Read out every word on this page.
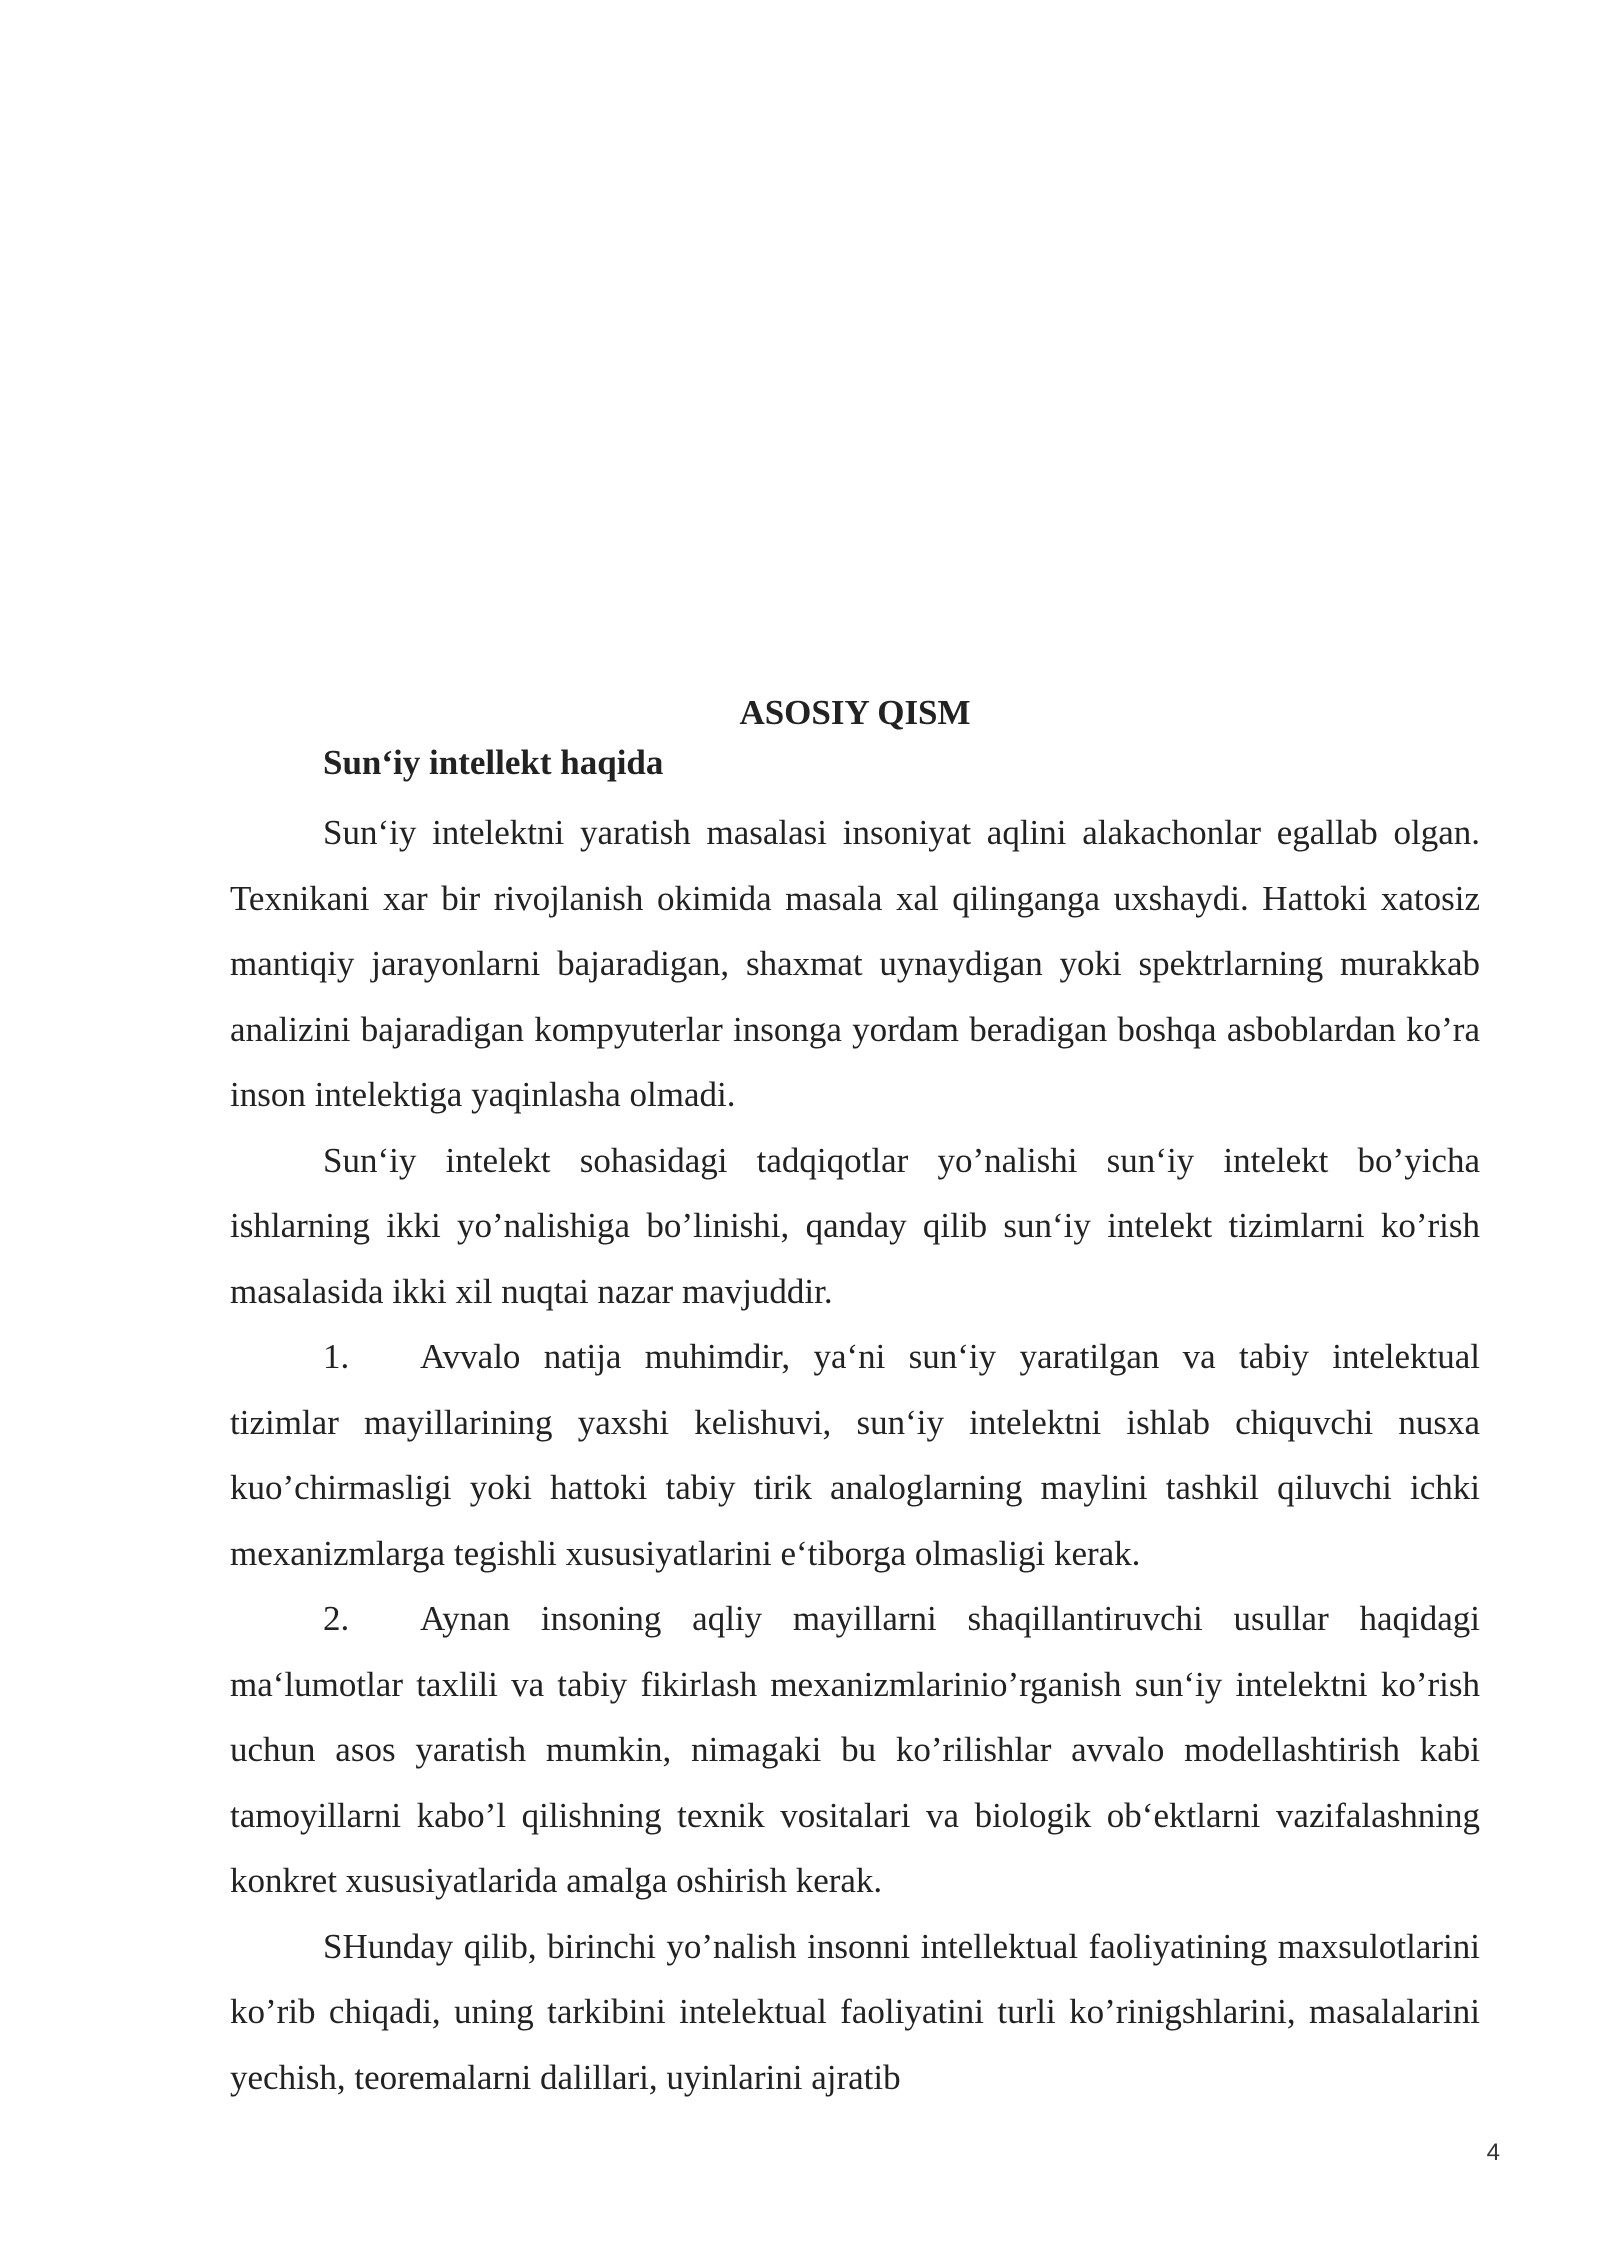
ASOSIY QISM
Sun‘iy intellekt haqida

Sun‘iy intelektni yaratish masalasi insoniyat aqlini alakachonlar egallab olgan. Texnikani xar bir rivojlanish okimida masala xal qilinganga uxshaydi. Hattoki xatosiz mantiqiy jarayonlarni bajaradigan, shaxmat uynaydigan yoki spektrlarning murakkab analizini bajaradigan kompyuterlar insonga yordam beradigan boshqa asboblardan ko’ra inson intelektiga yaqinlasha olmadi.

Sun‘iy intelekt sohasidagi tadqiqotlar yo’nalishi sun‘iy intelekt bo’yicha ishlarning ikki yo’nalishiga bo’linishi, qanday qilib sun‘iy intelekt tizimlarni ko’rish masalasida ikki xil nuqtai nazar mavjuddir.

1. Avvalo natija muhimdir, ya‘ni sun‘iy yaratilgan va tabiy intelektual tizimlar mayillarining yaxshi kelishuvi, sun‘iy intelektni ishlab chiquvchi nusxa kuo’chirmasligi yoki hattoki tabiy tirik analoglarning maylini tashkil qiluvchi ichki mexanizmlarga tegishli xususiyatlarini e‘tiborga olmasligi kerak.

2. Aynan insoning aqliy mayillarni shaqillantiruvchi usullar haqidagi ma‘lumotlar taxlili va tabiy fikirlash mexanizmlarinio’rganish sun‘iy intelektni ko’rish uchun asos yaratish mumkin, nimagaki bu ko’rilishlar avvalo modellashtirish kabi tamoyillarni kabo’l qilishning texnik vositalari va biologik ob‘ektlarni vazifalashning konkret xususiyatlarida amalga oshirish kerak.

SHunday qilib, birinchi yo’nalish insonni intellektual faoliyatining maxsulotlarini ko’rib chiqadi, uning tarkibini intelektual faoliyatini turli ko’rinigshlarini, masalalarini yechish, teoremalarni dalillari, uyinlarini ajratib

4
